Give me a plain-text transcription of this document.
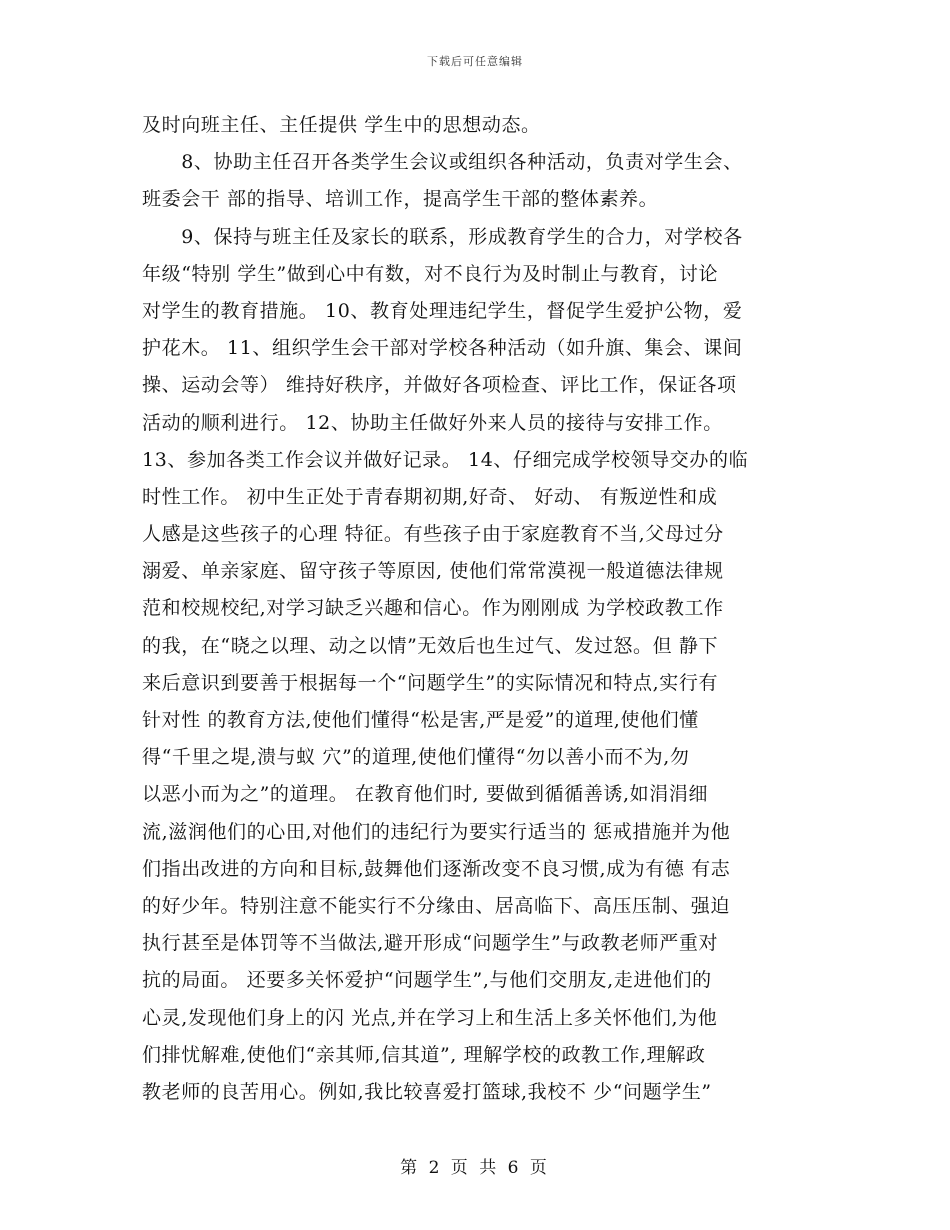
下载后可任意编辑
及时向班主任、主任提供 学生中的思想动态。
　　8、协助主任召开各类学生会议或组织各种活动，负责对学生会、
班委会干 部的指导、培训工作，提高学生干部的整体素养。
　　9、保持与班主任及家长的联系，形成教育学生的合力，对学校各
年级“特别 学生”做到心中有数，对不良行为及时制止与教育，讨论
对学生的教育措施。 10、教育处理违纪学生，督促学生爱护公物，爱
护花木。 11、组织学生会干部对学校各种活动（如升旗、集会、课间
操、运动会等） 维持好秩序，并做好各项检查、评比工作，保证各项
活动的顺利进行。 12、协助主任做好外来人员的接待与安排工作。
13、参加各类工作会议并做好记录。 14、仔细完成学校领导交办的临
时性工作。 初中生正处于青春期初期,好奇、 好动、 有叛逆性和成
人感是这些孩子的心理 特征。有些孩子由于家庭教育不当,父母过分
溺爱、单亲家庭、留守孩子等原因, 使他们常常漠视一般道德法律规
范和校规校纪,对学习缺乏兴趣和信心。作为刚刚成 为学校政教工作
的我，在“晓之以理、动之以情”无效后也生过气、发过怒。但 静下
来后意识到要善于根据每一个“问题学生”的实际情况和特点,实行有
针对性 的教育方法,使他们懂得“松是害,严是爱”的道理,使他们懂
得“千里之堤,溃与蚁 穴”的道理,使他们懂得“勿以善小而不为,勿
以恶小而为之”的道理。 在教育他们时, 要做到循循善诱,如涓涓细
流,滋润他们的心田,对他们的违纪行为要实行适当的 惩戒措施并为他
们指出改进的方向和目标,鼓舞他们逐渐改变不良习惯,成为有德 有志
的好少年。特别注意不能实行不分缘由、居高临下、高压压制、强迫
执行甚至是体罚等不当做法,避开形成“问题学生”与政教老师严重对
抗的局面。 还要多关怀爱护“问题学生”,与他们交朋友,走进他们的
心灵,发现他们身上的闪 光点,并在学习上和生活上多关怀他们,为他
们排忧解难,使他们“亲其师,信其道”, 理解学校的政教工作,理解政
教老师的良苦用心。例如,我比较喜爱打篮球,我校不 少“问题学生”
第 2 页 共 6 页
